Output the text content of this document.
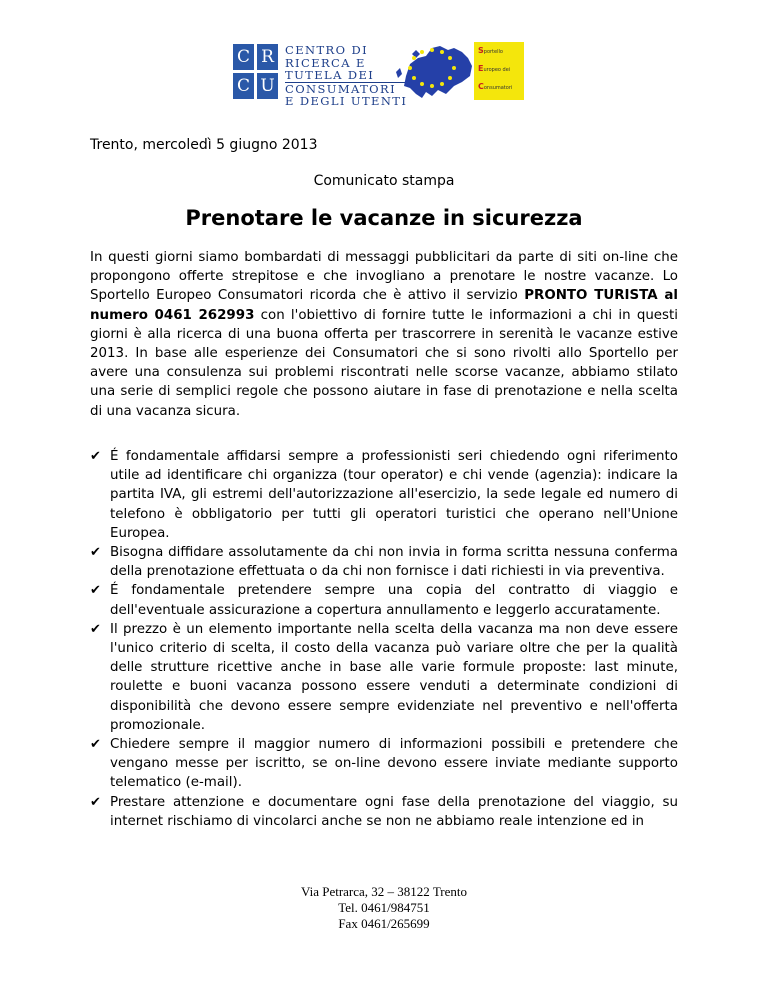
C R
C U
CENTRO DI
RICERCA E
TUTELA DEI
CONSUMATORI
E DEGLI UTENTI
Sportello
Europeo dei
Consumatori
Trento, mercoledì 5 giugno 2013
Comunicato stampa
Prenotare le vacanze in sicurezza

In questi giorni siamo bombardati di messaggi pubblicitari da parte di siti on-line che propongono offerte strepitose e che invogliano a prenotare le nostre vacanze. Lo Sportello Europeo Consumatori ricorda che è attivo il servizio PRONTO TURISTA al numero 0461 262993 con l'obiettivo di fornire tutte le informazioni a chi in questi giorni è alla ricerca di una buona offerta per trascorrere in serenità le vacanze estive 2013. In base alle esperienze dei Consumatori che si sono rivolti allo Sportello per avere una consulenza sui problemi riscontrati nelle scorse vacanze, abbiamo stilato una serie di semplici regole che possono aiutare in fase di prenotazione e nella scelta di una vacanza sicura.

✔ É fondamentale affidarsi sempre a professionisti seri chiedendo ogni riferimento utile ad identificare chi organizza (tour operator) e chi vende (agenzia): indicare la partita IVA, gli estremi dell'autorizzazione all'esercizio, la sede legale ed numero di telefono è obbligatorio per tutti gli operatori turistici che operano nell'Unione Europea.
✔ Bisogna diffidare assolutamente da chi non invia in forma scritta nessuna conferma della prenotazione effettuata o da chi non fornisce i dati richiesti in via preventiva.
✔ É fondamentale pretendere sempre una copia del contratto di viaggio e dell'eventuale assicurazione a copertura annullamento e leggerlo accuratamente.
✔ Il prezzo è un elemento importante nella scelta della vacanza ma non deve essere l'unico criterio di scelta, il costo della vacanza può variare oltre che per la qualità delle strutture ricettive anche in base alle varie formule proposte: last minute, roulette e buoni vacanza possono essere venduti a determinate condizioni di disponibilità che devono essere sempre evidenziate nel preventivo e nell'offerta promozionale.
✔ Chiedere sempre il maggior numero di informazioni possibili e pretendere che vengano messe per iscritto, se on-line devono essere inviate mediante supporto telematico (e-mail).
✔ Prestare attenzione e documentare ogni fase della prenotazione del viaggio, su internet rischiamo di vincolarci anche se non ne abbiamo reale intenzione ed in
Via Petrarca, 32 – 38122 Trento
Tel. 0461/984751
Fax 0461/265699
